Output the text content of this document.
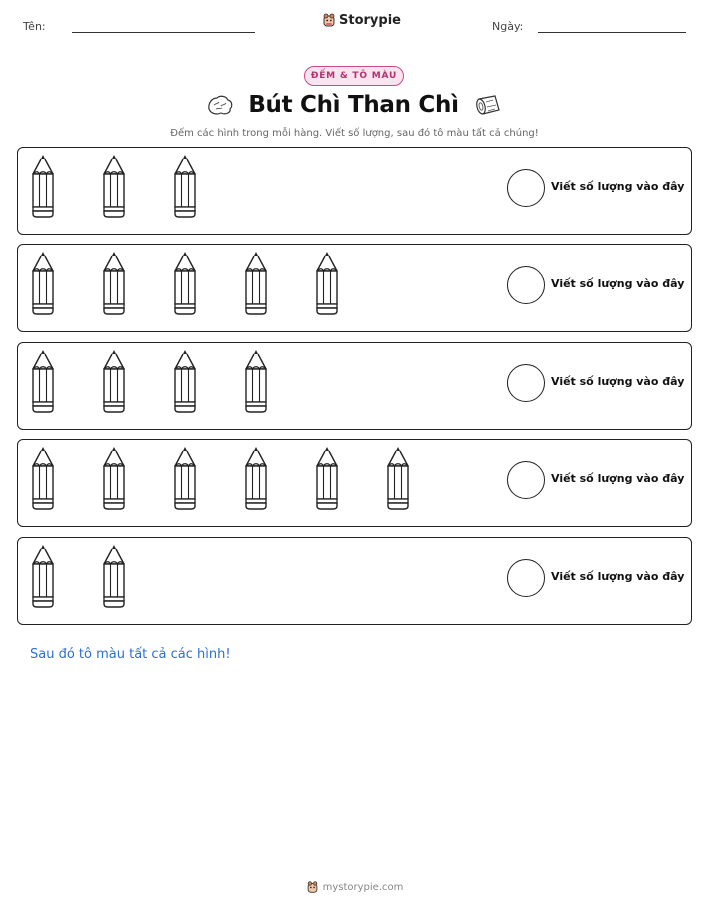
Tên:	Storypie	Ngày:
ĐẾM & TÔ MÀU
Bút Chì Than Chì
Đếm các hình trong mỗi hàng. Viết số lượng, sau đó tô màu tất cả chúng!
Viết số lượng vào đây
Viết số lượng vào đây
Viết số lượng vào đây
Viết số lượng vào đây
Viết số lượng vào đây
Sau đó tô màu tất cả các hình!
mystorypie.com
